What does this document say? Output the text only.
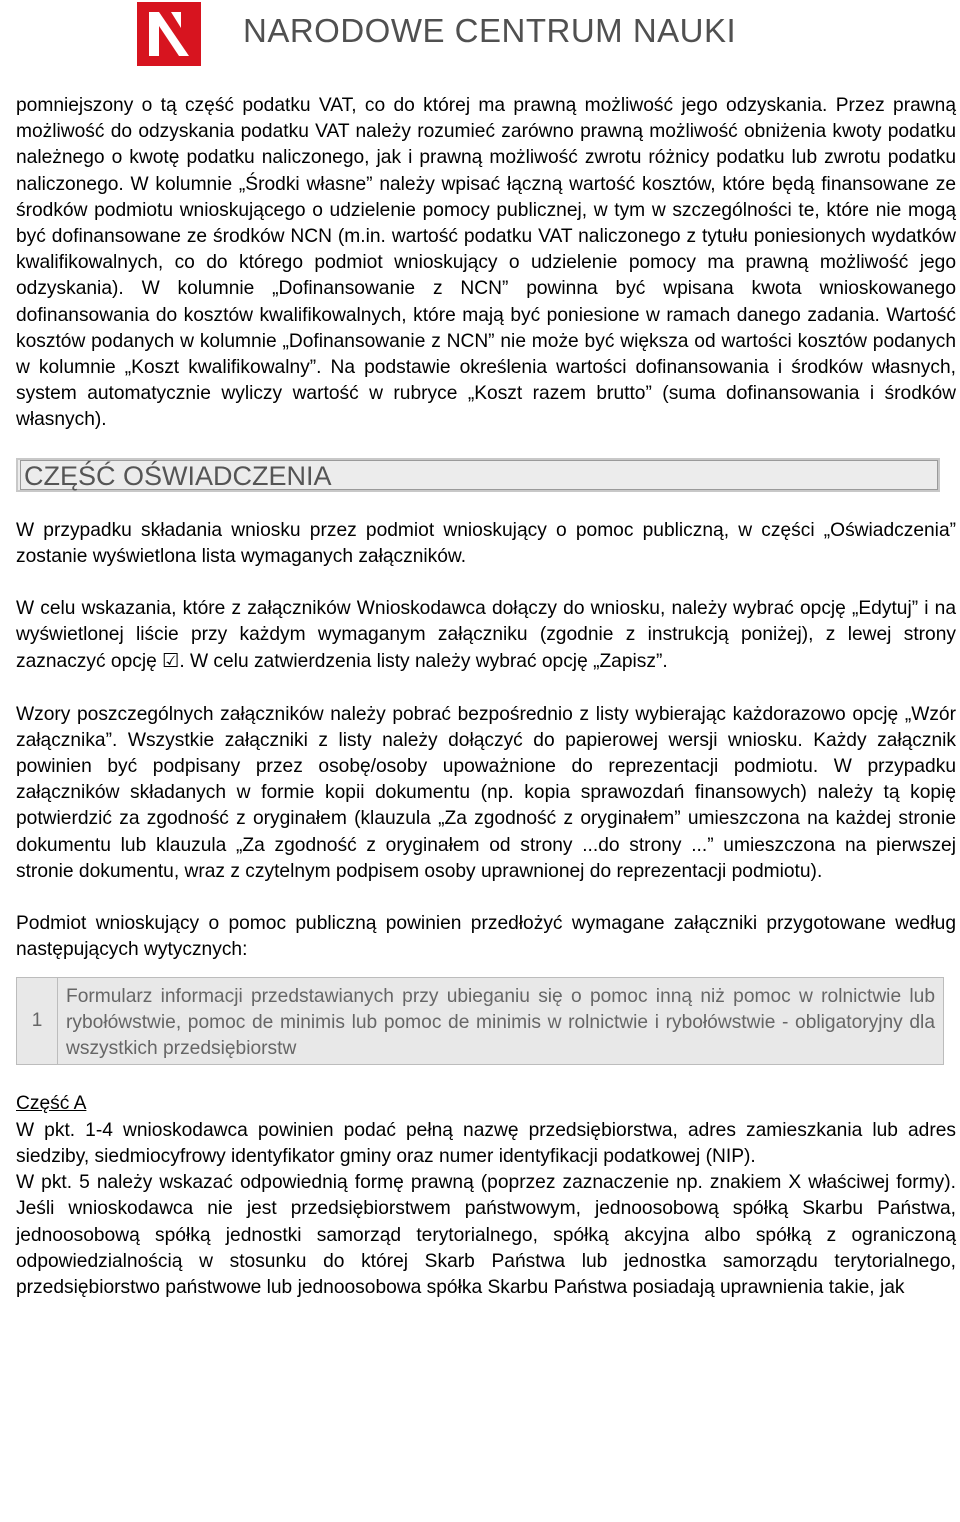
NARODOWE CENTRUM NAUKI

pomniejszony o tą część podatku VAT, co do której ma prawną możliwość jego odzyskania. Przez prawną możliwość do odzyskania podatku VAT należy rozumieć zarówno prawną możliwość obniżenia kwoty podatku należnego o kwotę podatku naliczonego, jak i prawną możliwość zwrotu różnicy podatku lub zwrotu podatku naliczonego. W kolumnie „Środki własne” należy wpisać łączną wartość kosztów, które będą finansowane ze środków podmiotu wnioskującego o udzielenie pomocy publicznej, w tym w szczególności te, które nie mogą być dofinansowane ze środków NCN (m.in. wartość podatku VAT naliczonego z tytułu poniesionych wydatków kwalifikowalnych, co do którego podmiot wnioskujący o udzielenie pomocy ma prawną możliwość jego odzyskania). W kolumnie „Dofinansowanie z NCN” powinna być wpisana kwota wnioskowanego dofinansowania do kosztów kwalifikowalnych, które mają być poniesione w ramach danego zadania. Wartość kosztów podanych w kolumnie „Dofinansowanie z NCN” nie może być większa od wartości kosztów podanych w kolumnie „Koszt kwalifikowalny”. Na podstawie określenia wartości dofinansowania i środków własnych, system automatycznie wyliczy wartość w rubryce „Koszt razem brutto” (suma dofinansowania i środków własnych).

CZĘŚĆ OŚWIADCZENIA

W przypadku składania wniosku przez podmiot wnioskujący o pomoc publiczną, w części „Oświadczenia” zostanie wyświetlona lista wymaganych załączników.

W celu wskazania, które z załączników Wnioskodawca dołączy do wniosku, należy wybrać opcję „Edytuj” i na wyświetlonej liście przy każdym wymaganym załączniku (zgodnie z instrukcją poniżej), z lewej strony zaznaczyć opcję ☑. W celu zatwierdzenia listy należy wybrać opcję „Zapisz”.

Wzory poszczególnych załączników należy pobrać bezpośrednio z listy wybierając każdorazowo opcję „Wzór załącznika”. Wszystkie załączniki z listy należy dołączyć do papierowej wersji wniosku. Każdy załącznik powinien być podpisany przez osobę/osoby upoważnione do reprezentacji podmiotu. W przypadku załączników składanych w formie kopii dokumentu (np. kopia sprawozdań finansowych) należy tą kopię potwierdzić za zgodność z oryginałem (klauzula „Za zgodność z oryginałem” umieszczona na każdej stronie dokumentu lub klauzula „Za zgodność z oryginałem od strony ...do strony ...” umieszczona na pierwszej stronie dokumentu, wraz z czytelnym podpisem osoby uprawnionej do reprezentacji podmiotu).

Podmiot wnioskujący o pomoc publiczną powinien przedłożyć wymagane załączniki przygotowane według następujących wytycznych:

1
Formularz informacji przedstawianych przy ubieganiu się o pomoc inną niż pomoc w rolnictwie lub rybołówstwie, pomoc de minimis lub pomoc de minimis w rolnictwie i rybołówstwie - obligatoryjny dla wszystkich przedsiębiorstw

Część A

W pkt. 1-4 wnioskodawca powinien podać pełną nazwę przedsiębiorstwa, adres zamieszkania lub adres siedziby, siedmiocyfrowy identyfikator gminy oraz numer identyfikacji podatkowej (NIP).

W pkt. 5 należy wskazać odpowiednią formę prawną (poprzez zaznaczenie np. znakiem X właściwej formy). Jeśli wnioskodawca nie jest przedsiębiorstwem państwowym, jednoosobową spółką Skarbu Państwa, jednoosobową spółką jednostki samorząd terytorialnego, spółką akcyjna albo spółką z ograniczoną odpowiedzialnością w stosunku do której Skarb Państwa lub jednostka samorządu terytorialnego, przedsiębiorstwo państwowe lub jednoosobowa spółka Skarbu Państwa posiadają uprawnienia takie, jak
